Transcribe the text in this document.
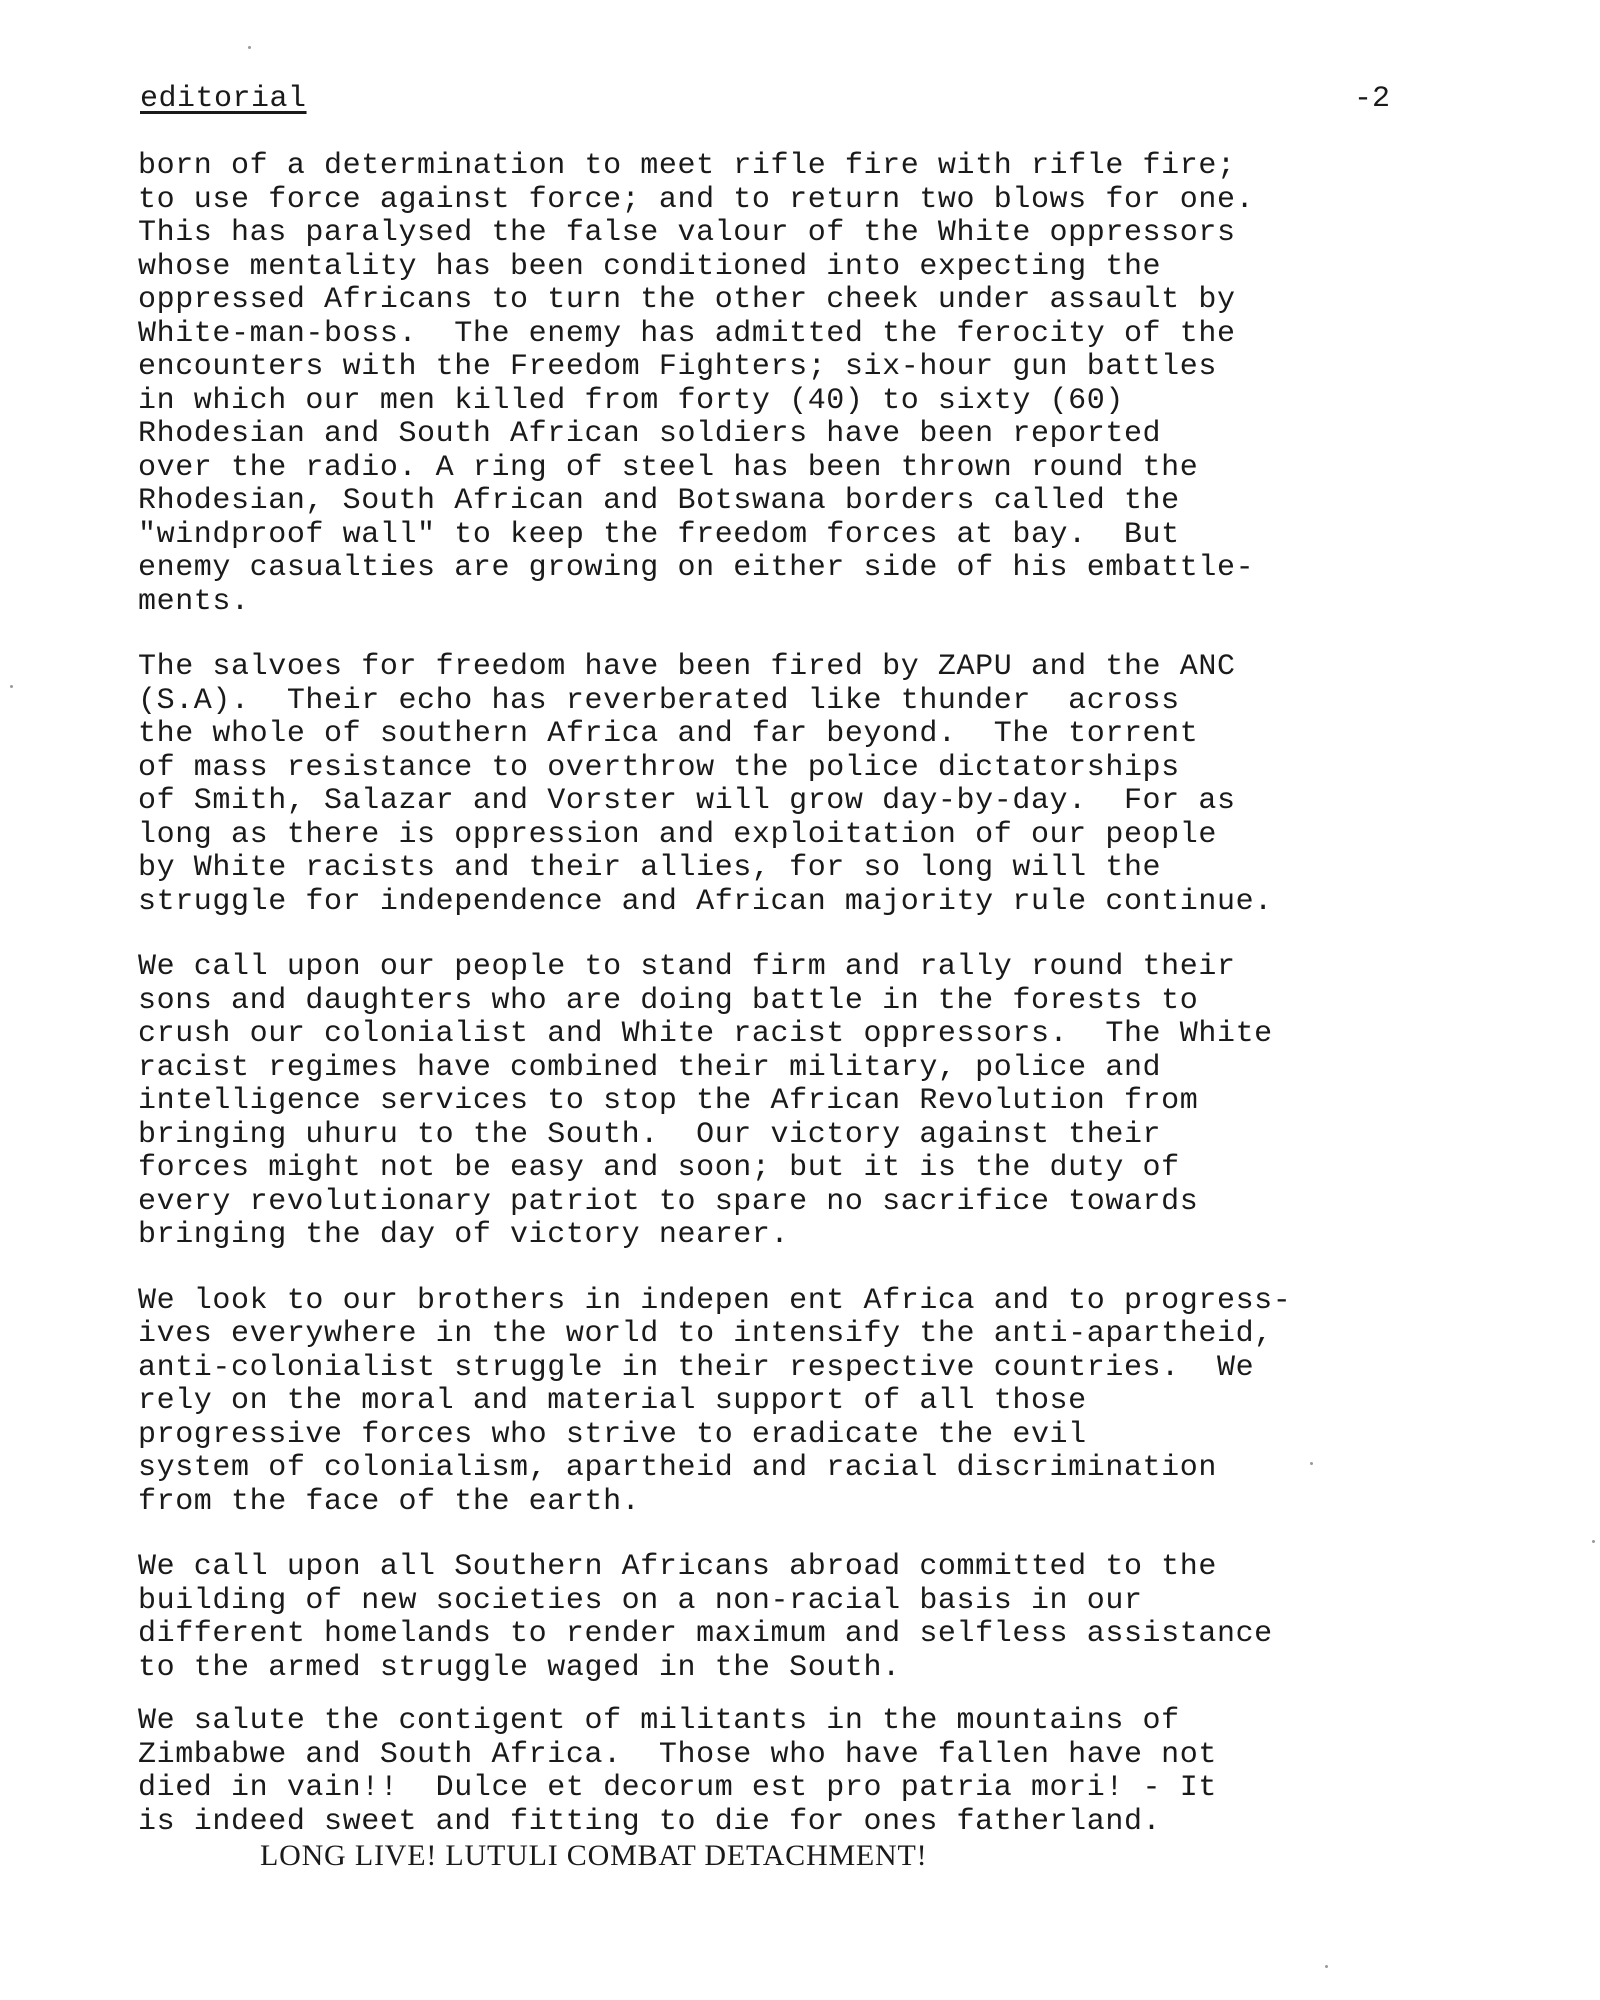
editorial	-2
born of a determination to meet rifle fire with rifle fire;
to use force against force; and to return two blows for one.
This has paralysed the false valour of the White oppressors
whose mentality has been conditioned into expecting the
oppressed Africans to turn the other cheek under assault by
White-man-boss.  The enemy has admitted the ferocity of the
encounters with the Freedom Fighters; six-hour gun battles
in which our men killed from forty (40) to sixty (60)
Rhodesian and South African soldiers have been reported
over the radio. A ring of steel has been thrown round the
Rhodesian, South African and Botswana borders called the
"windproof wall" to keep the freedom forces at bay.  But
enemy casualties are growing on either side of his embattle-
ments.
The salvoes for freedom have been fired by ZAPU and the ANC
(S.A).  Their echo has reverberated like thunder  across
the whole of southern Africa and far beyond.  The torrent
of mass resistance to overthrow the police dictatorships
of Smith, Salazar and Vorster will grow day-by-day.  For as
long as there is oppression and exploitation of our people
by White racists and their allies, for so long will the
struggle for independence and African majority rule continue.
We call upon our people to stand firm and rally round their
sons and daughters who are doing battle in the forests to
crush our colonialist and White racist oppressors.  The White
racist regimes have combined their military, police and
intelligence services to stop the African Revolution from
bringing uhuru to the South.  Our victory against their
forces might not be easy and soon; but it is the duty of
every revolutionary patriot to spare no sacrifice towards
bringing the day of victory nearer.
We look to our brothers in indepen ent Africa and to progress-
ives everywhere in the world to intensify the anti-apartheid,
anti-colonialist struggle in their respective countries.  We
rely on the moral and material support of all those
progressive forces who strive to eradicate the evil
system of colonialism, apartheid and racial discrimination
from the face of the earth.
We call upon all Southern Africans abroad committed to the
building of new societies on a non-racial basis in our
different homelands to render maximum and selfless assistance
to the armed struggle waged in the South.
We salute the contigent of militants in the mountains of
Zimbabwe and South Africa.  Those who have fallen have not
died in vain!!  Dulce et decorum est pro patria mori! - It
is indeed sweet and fitting to die for ones fatherland.
LONG LIVE! LUTULI COMBAT DETACHMENT!
